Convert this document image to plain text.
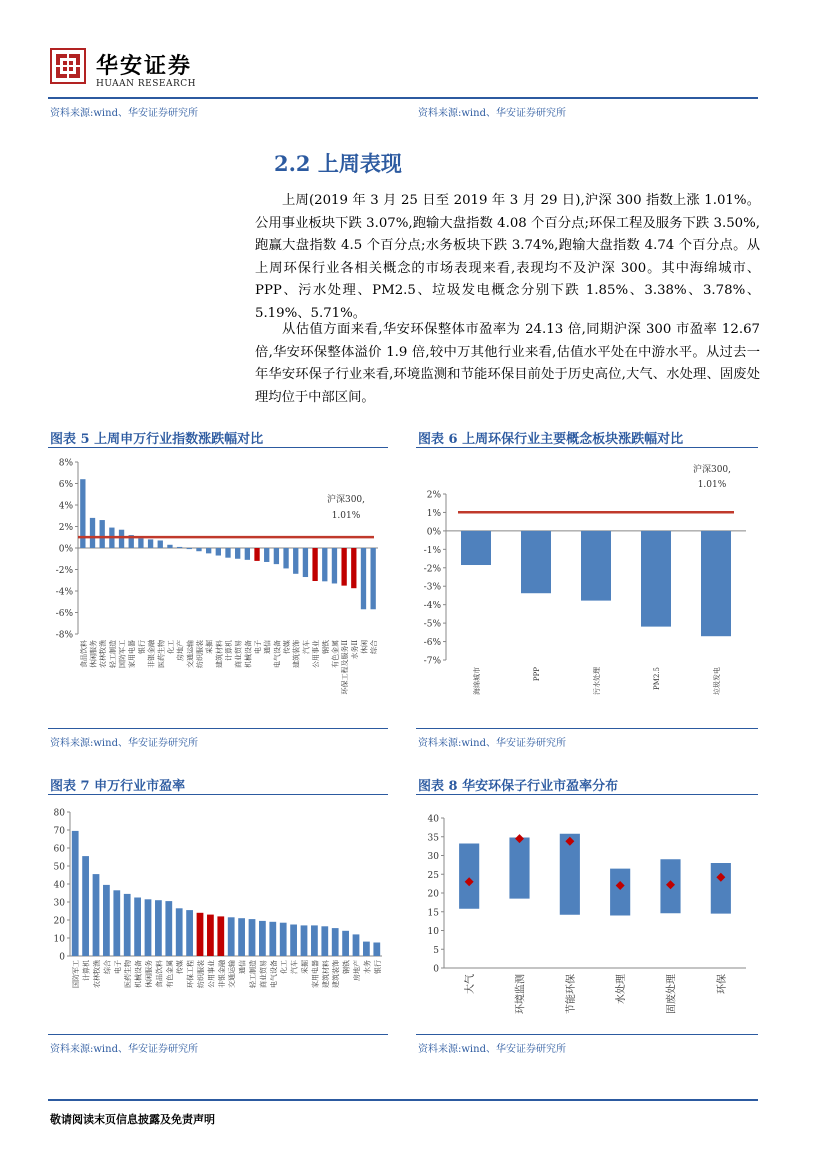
华安证券
HUAAN RESEARCH
资料来源:wind、华安证券研究所	资料来源:wind、华安证券研究所
2.2 上周表现
上周(2019 年 3 月 25 日至 2019 年 3 月 29 日),沪深 300 指数上涨 1.01%。公用事业板块下跌 3.07%,跑输大盘指数 4.08 个百分点;环保工程及服务下跌 3.50%,跑赢大盘指数 4.5 个百分点;水务板块下跌 3.74%,跑输大盘指数 4.74 个百分点。从上周环保行业各相关概念的市场表现来看,表现均不及沪深 300。其中海绵城市、PPP、污水处理、PM2.5、垃圾发电概念分别下跌 1.85%、3.38%、3.78%、5.19%、5.71%。
从估值方面来看,华安环保整体市盈率为 24.13 倍,同期沪深 300 市盈率 12.67 倍,华安环保整体溢价 1.9 倍,较中万其他行业来看,估值水平处在中游水平。从过去一年华安环保子行业来看,环境监测和节能环保目前处于历史高位,大气、水处理、固废处理均位于中部区间。
图表 5 上周申万行业指数涨跌幅对比	图表 6 上周环保行业主要概念板块涨跌幅对比
图表 7 申万行业市盈率	图表 8 华安环保子行业市盈率分布
-8%
-6%
-4%
-2%
0%
2%
4%
6%
8%
食品饮料 休闲服务 农林牧渔 轻工制造 国防军工 家用电器 银行 非银金融 医药生物 化工 房地产 交通运输 纺织服装 采掘 建筑材料 计算机 商业贸易 机械设备 电子 通信 电气设备 传媒 建筑装饰 汽车 公用事业 钢铁 有色金属 环保工程及服务II 水务II 休闲 综合
沪深300,
1.01%
-7%
-6%
-5%
-4%
-3%
-2%
-1%
0%
1%
2%
海绵城市	PPP	污水处理	PM2.5	垃圾发电
沪深300,
1.01%
0
10
20
30
40
50
60
70
80
国防军工 计算机 农林牧渔 综合 电子 医药生物 机械设备 休闲服务 食品饮料 有色金属 传媒 环保工程 纺织服装 公用事业 非银金融 交通运输 通信 轻工制造 商业贸易 电气设备 化工 汽车 采掘 家用电器 建筑材料 建筑装饰 钢铁 房地产 水务 银行	0
5
10
15
20
25
30
35
40
大气	环境监测	节能环保	水处理	固废处理	环保
资料来源:wind、华安证券研究所	资料来源:wind、华安证券研究所
资料来源:wind、华安证券研究所	资料来源:wind、华安证券研究所
敬请阅读末页信息披露及免责声明
